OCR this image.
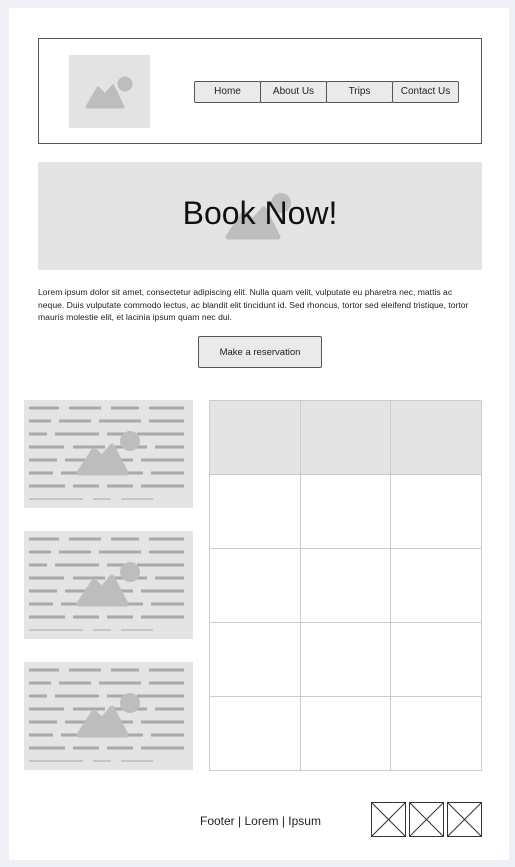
Home	About Us	Trips	Contact Us
Book Now!

Lorem ipsum dolor sit amet, consectetur adipiscing elit. Nulla quam velit, vulputate eu pharetra nec, mattis ac neque. Duis vulputate commodo lectus, ac blandit elit tincidunt id. Sed rhoncus, tortor sed eleifend tristique, tortor mauris molestie elit, et lacinia ipsum quam nec dui.

Make a reservation

Footer | Lorem | Ipsum
